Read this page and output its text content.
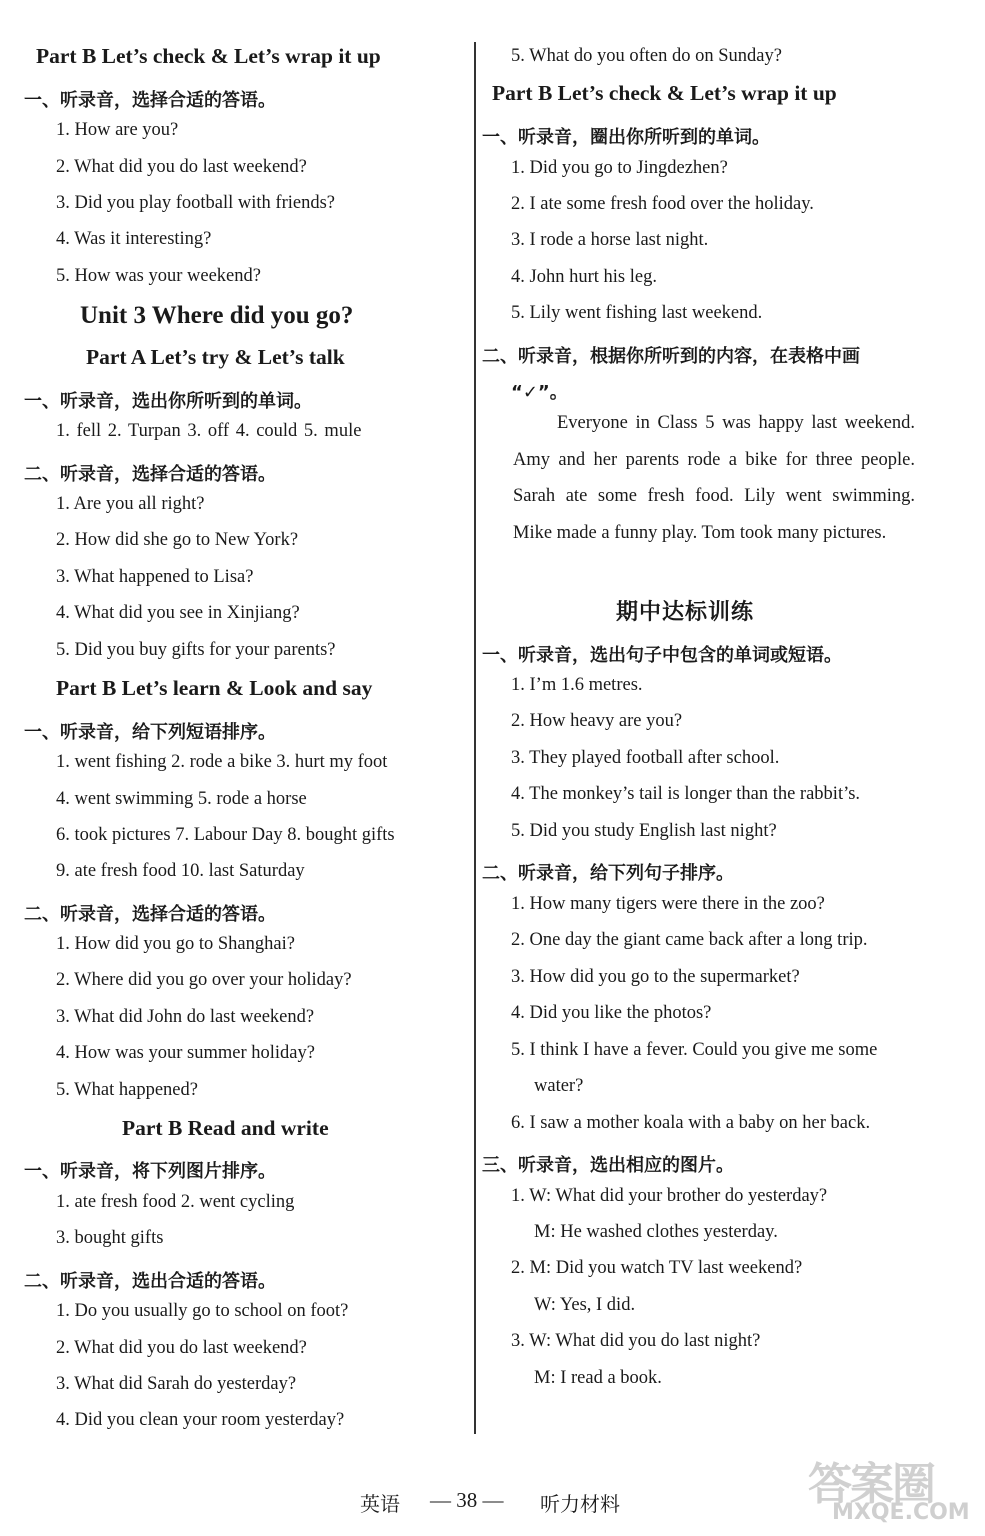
Part B Let’s check & Let’s wrap it up
一、听录音，选择合适的答语。
1. How are you?
2. What did you do last weekend?
3. Did you play football with friends?
4. Was it interesting?
5. How was your weekend?
Unit 3 Where did you go?
Part A Let’s try & Let’s talk
一、听录音，选出你所听到的单词。
1. fell 2. Turpan 3. off 4. could 5. mule
二、听录音，选择合适的答语。
1. Are you all right?
2. How did she go to New York?
3. What happened to Lisa?
4. What did you see in Xinjiang?
5. Did you buy gifts for your parents?
Part B Let’s learn & Look and say
一、听录音，给下列短语排序。
1. went fishing 2. rode a bike 3. hurt my foot
4. went swimming 5. rode a horse
6. took pictures 7. Labour Day 8. bought gifts
9. ate fresh food 10. last Saturday
二、听录音，选择合适的答语。
1. How did you go to Shanghai?
2. Where did you go over your holiday?
3. What did John do last weekend?
4. How was your summer holiday?
5. What happened?
Part B Read and write
一、听录音，将下列图片排序。
1. ate fresh food 2. went cycling
3. bought gifts
二、听录音，选出合适的答语。
1. Do you usually go to school on foot?
2. What did you do last weekend?
3. What did Sarah do yesterday?
4. Did you clean your room yesterday?
5. What do you often do on Sunday?
Part B Let’s check & Let’s wrap it up
一、听录音，圈出你所听到的单词。
1. Did you go to Jingdezhen?
2. I ate some fresh food over the holiday.
3. I rode a horse last night.
4. John hurt his leg.
5. Lily went fishing last weekend.
二、听录音，根据你所听到的内容，在表格中画
“✓”。
Everyone in Class 5 was happy last weekend. Amy and her parents rode a bike for three people. Sarah ate some fresh food. Lily went swimming. Mike made a funny play. Tom took many pictures.
期中达标训练
一、听录音，选出句子中包含的单词或短语。
1. I’m 1.6 metres.
2. How heavy are you?
3. They played football after school.
4. The monkey’s tail is longer than the rabbit’s.
5. Did you study English last night?
二、听录音，给下列句子排序。
1. How many tigers were there in the zoo?
2. One day the giant came back after a long trip.
3. How did you go to the supermarket?
4. Did you like the photos?
5. I think I have a fever. Could you give me some
water?
6. I saw a mother koala with a baby on her back.
三、听录音，选出相应的图片。
1. W: What did your brother do yesterday?
M: He washed clothes yesterday.
2. M: Did you watch TV last weekend?
W: Yes, I did.
3. W: What did you do last night?
M: I read a book.
英语 — 38 — 听力材料	答案圈
MXQE.COM
